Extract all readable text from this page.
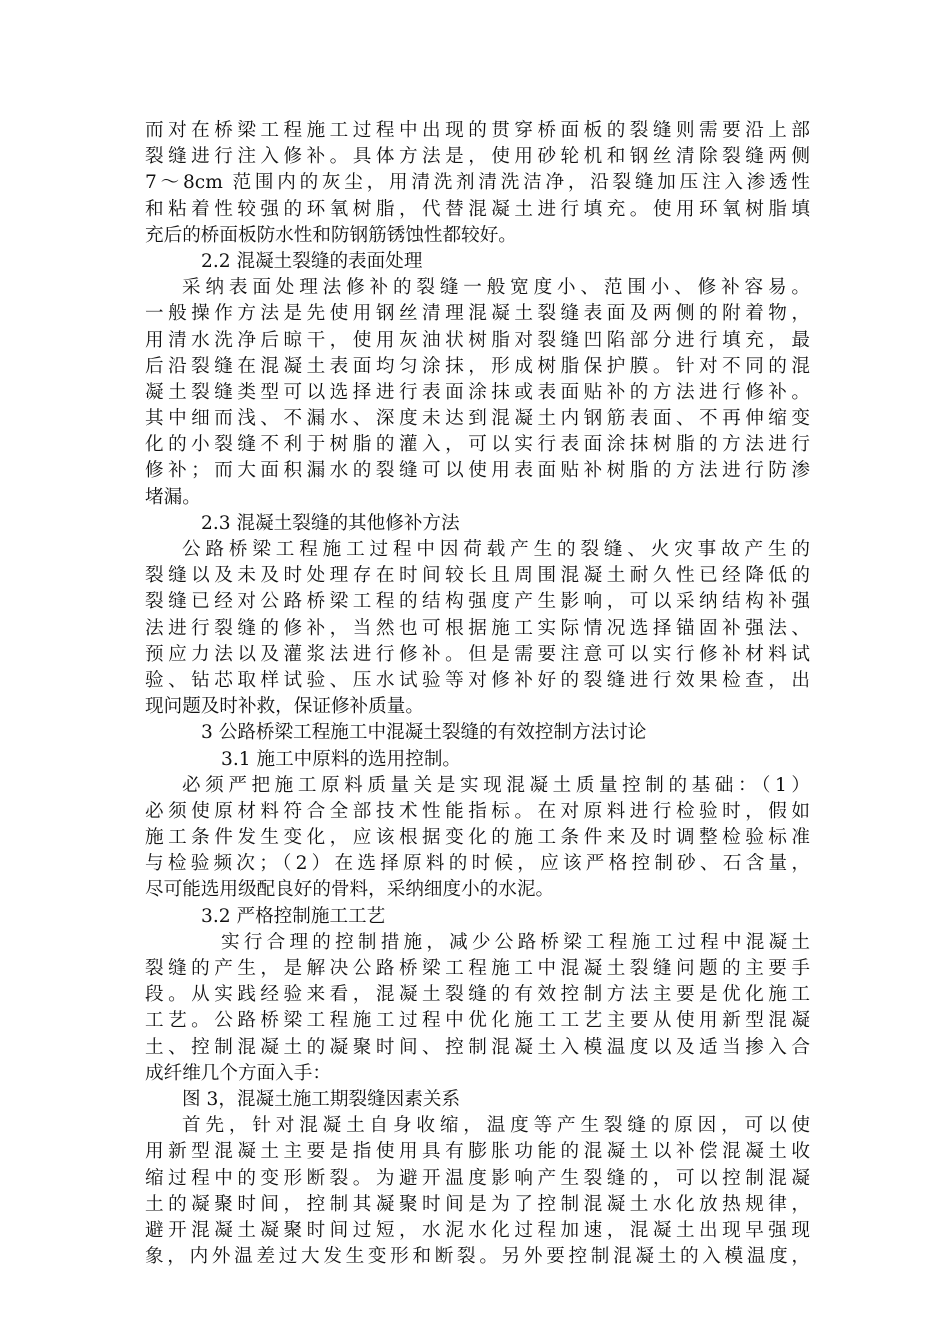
而对在桥梁工程施工过程中出现的贯穿桥面板的裂缝则需要沿上部
裂缝进行注入修补。具体方法是，使用砂轮机和钢丝清除裂缝两侧
7～8cm 范围内的灰尘，用清洗剂清洗洁净，沿裂缝加压注入渗透性
和粘着性较强的环氧树脂，代替混凝土进行填充。使用环氧树脂填
充后的桥面板防水性和防钢筋锈蚀性都较好。
2.2 混凝土裂缝的表面处理
采纳表面处理法修补的裂缝一般宽度小、范围小、修补容易。
一般操作方法是先使用钢丝清理混凝土裂缝表面及两侧的附着物，
用清水洗净后晾干，使用灰油状树脂对裂缝凹陷部分进行填充，最
后沿裂缝在混凝土表面均匀涂抹，形成树脂保护膜。针对不同的混
凝土裂缝类型可以选择进行表面涂抹或表面贴补的方法进行修补。
其中细而浅、不漏水、深度未达到混凝土内钢筋表面、不再伸缩变
化的小裂缝不利于树脂的灌入，可以实行表面涂抹树脂的方法进行
修补；而大面积漏水的裂缝可以使用表面贴补树脂的方法进行防渗
堵漏。
2.3 混凝土裂缝的其他修补方法
公路桥梁工程施工过程中因荷载产生的裂缝、火灾事故产生的
裂缝以及未及时处理存在时间较长且周围混凝土耐久性已经降低的
裂缝已经对公路桥梁工程的结构强度产生影响，可以采纳结构补强
法进行裂缝的修补，当然也可根据施工实际情况选择锚固补强法、
预应力法以及灌浆法进行修补。但是需要注意可以实行修补材料试
验、钻芯取样试验、压水试验等对修补好的裂缝进行效果检查，出
现问题及时补救，保证修补质量。
3 公路桥梁工程施工中混凝土裂缝的有效控制方法讨论
3.1 施工中原料的选用控制。
必须严把施工原料质量关是实现混凝土质量控制的基础：（1）
必须使原材料符合全部技术性能指标。在对原料进行检验时，假如
施工条件发生变化，应该根据变化的施工条件来及时调整检验标准
与检验频次；（2）在选择原料的时候，应该严格控制砂、石含量，
尽可能选用级配良好的骨料，采纳细度小的水泥。
3.2 严格控制施工工艺
实行合理的控制措施，减少公路桥梁工程施工过程中混凝土
裂缝的产生，是解决公路桥梁工程施工中混凝土裂缝问题的主要手
段。从实践经验来看，混凝土裂缝的有效控制方法主要是优化施工
工艺。公路桥梁工程施工过程中优化施工工艺主要从使用新型混凝
土、控制混凝土的凝聚时间、控制混凝土入模温度以及适当掺入合
成纤维几个方面入手：
图 3，混凝土施工期裂缝因素关系
首先，针对混凝土自身收缩，温度等产生裂缝的原因，可以使
用新型混凝土主要是指使用具有膨胀功能的混凝土以补偿混凝土收
缩过程中的变形断裂。为避开温度影响产生裂缝的，可以控制混凝
土的凝聚时间，控制其凝聚时间是为了控制混凝土水化放热规律，
避开混凝土凝聚时间过短，水泥水化过程加速，混凝土出现早强现
象，内外温差过大发生变形和断裂。另外要控制混凝土的入模温度，
